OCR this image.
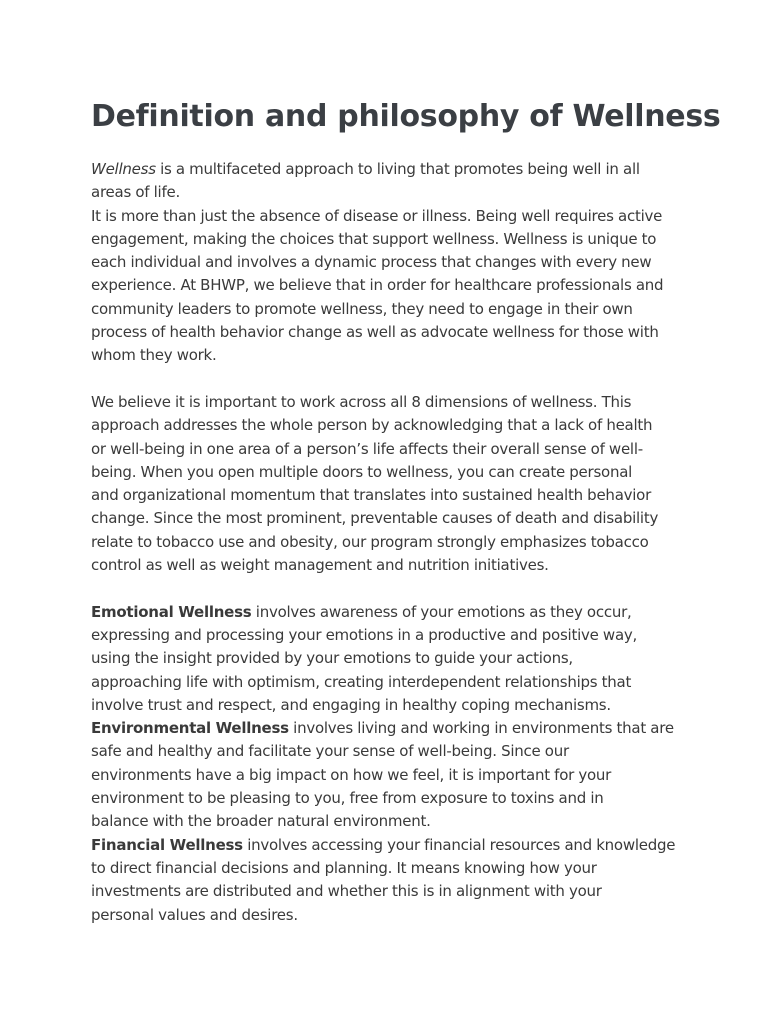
Definition and philosophy of Wellness
Wellness is a multifaceted approach to living that promotes being well in all
areas of life.
It is more than just the absence of disease or illness. Being well requires active
engagement, making the choices that support wellness. Wellness is unique to
each individual and involves a dynamic process that changes with every new
experience. At BHWP, we believe that in order for healthcare professionals and
community leaders to promote wellness, they need to engage in their own
process of health behavior change as well as advocate wellness for those with
whom they work.
We believe it is important to work across all 8 dimensions of wellness. This
approach addresses the whole person by acknowledging that a lack of health
or well-being in one area of a person’s life affects their overall sense of well-
being. When you open multiple doors to wellness, you can create personal
and organizational momentum that translates into sustained health behavior
change. Since the most prominent, preventable causes of death and disability
relate to tobacco use and obesity, our program strongly emphasizes tobacco
control as well as weight management and nutrition initiatives.
Emotional Wellness involves awareness of your emotions as they occur,
expressing and processing your emotions in a productive and positive way,
using the insight provided by your emotions to guide your actions,
approaching life with optimism, creating interdependent relationships that
involve trust and respect, and engaging in healthy coping mechanisms.
Environmental Wellness involves living and working in environments that are
safe and healthy and facilitate your sense of well-being. Since our
environments have a big impact on how we feel, it is important for your
environment to be pleasing to you, free from exposure to toxins and in
balance with the broader natural environment.
Financial Wellness involves accessing your financial resources and knowledge
to direct financial decisions and planning. It means knowing how your
investments are distributed and whether this is in alignment with your
personal values and desires.
